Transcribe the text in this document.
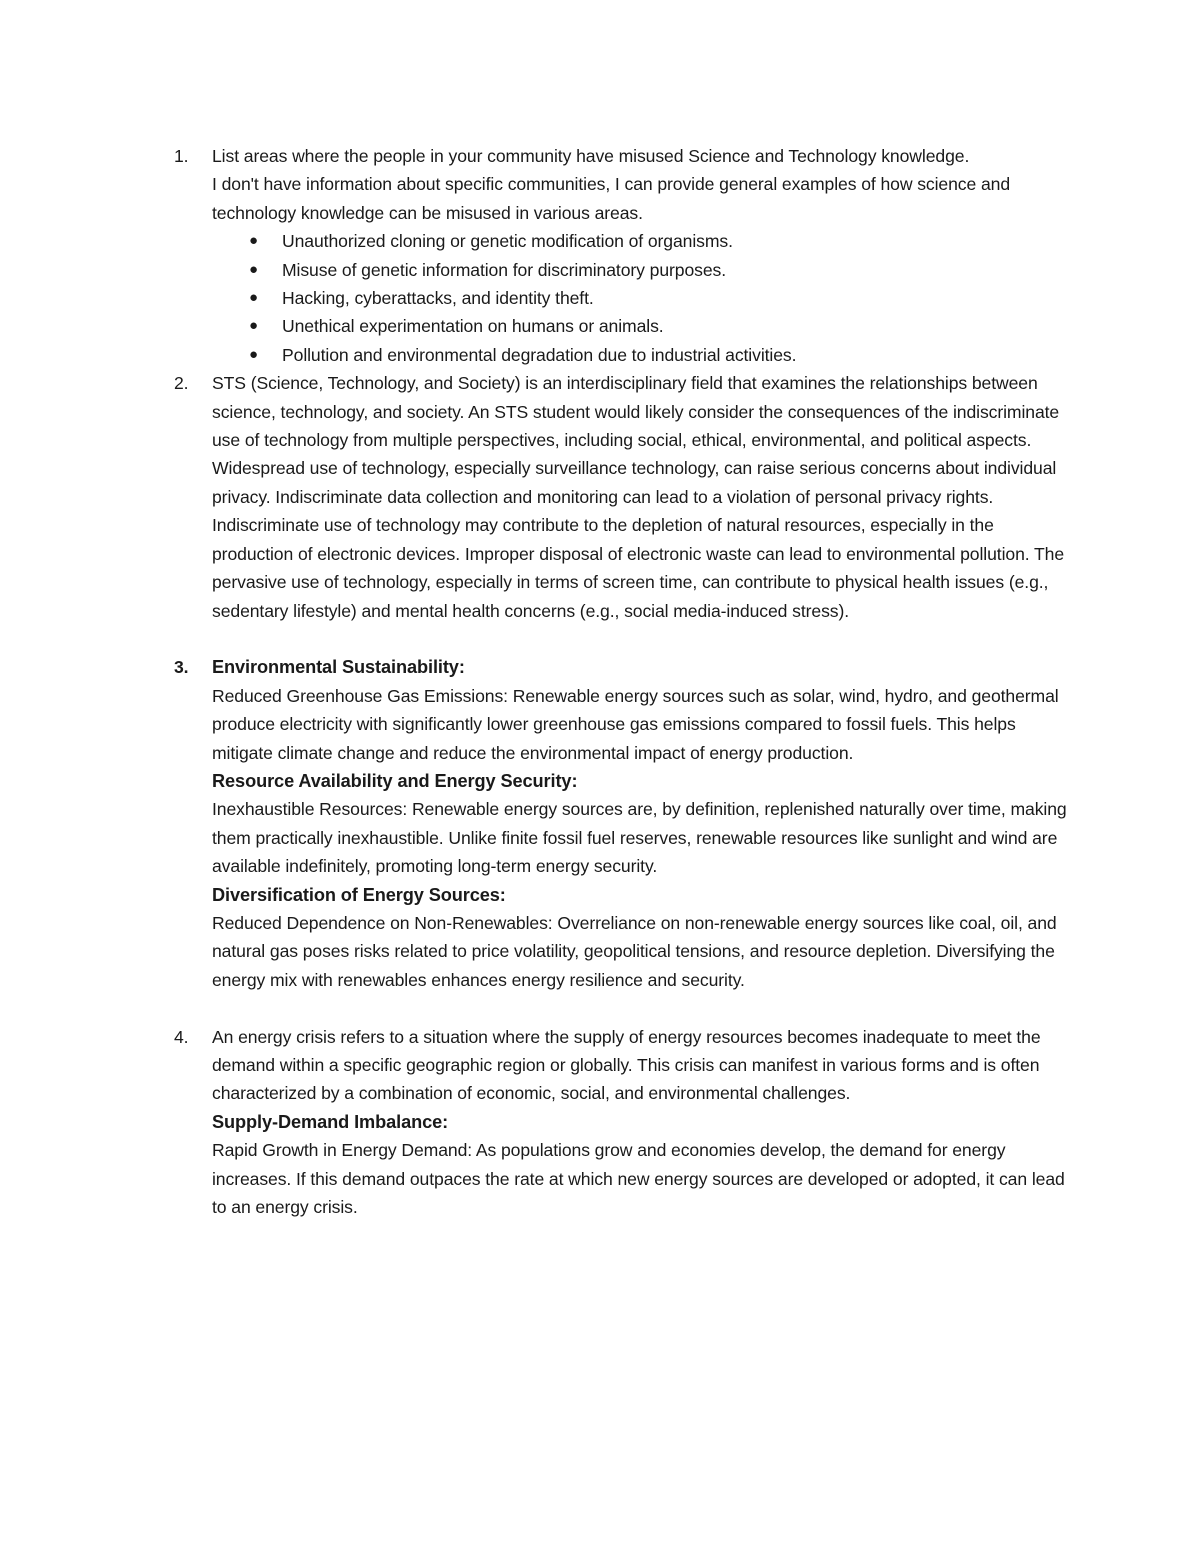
1. List areas where the people in your community have misused Science and Technology knowledge.

I don't have information about specific communities, I can provide general examples of how science and technology knowledge can be misused in various areas.

● Unauthorized cloning or genetic modification of organisms.
● Misuse of genetic information for discriminatory purposes.
● Hacking, cyberattacks, and identity theft.
● Unethical experimentation on humans or animals.
● Pollution and environmental degradation due to industrial activities.
2. STS (Science, Technology, and Society) is an interdisciplinary field that examines the relationships between science, technology, and society. An STS student would likely consider the consequences of the indiscriminate use of technology from multiple perspectives, including social, ethical, environmental, and political aspects.

Widespread use of technology, especially surveillance technology, can raise serious concerns about individual privacy. Indiscriminate data collection and monitoring can lead to a violation of personal privacy rights. Indiscriminate use of technology may contribute to the depletion of natural resources, especially in the production of electronic devices. Improper disposal of electronic waste can lead to environmental pollution. The pervasive use of technology, especially in terms of screen time, can contribute to physical health issues (e.g., sedentary lifestyle) and mental health concerns (e.g., social media-induced stress).

3. Environmental Sustainability:

Reduced Greenhouse Gas Emissions: Renewable energy sources such as solar, wind, hydro, and geothermal produce electricity with significantly lower greenhouse gas emissions compared to fossil fuels. This helps mitigate climate change and reduce the environmental impact of energy production.

Resource Availability and Energy Security:

Inexhaustible Resources: Renewable energy sources are, by definition, replenished naturally over time, making them practically inexhaustible. Unlike finite fossil fuel reserves, renewable resources like sunlight and wind are available indefinitely, promoting long-term energy security.

Diversification of Energy Sources:

Reduced Dependence on Non-Renewables: Overreliance on non-renewable energy sources like coal, oil, and natural gas poses risks related to price volatility, geopolitical tensions, and resource depletion. Diversifying the energy mix with renewables enhances energy resilience and security.

4. An energy crisis refers to a situation where the supply of energy resources becomes inadequate to meet the demand within a specific geographic region or globally. This crisis can manifest in various forms and is often characterized by a combination of economic, social, and environmental challenges.

Supply-Demand Imbalance:

Rapid Growth in Energy Demand: As populations grow and economies develop, the demand for energy increases. If this demand outpaces the rate at which new energy sources are developed or adopted, it can lead to an energy crisis.
